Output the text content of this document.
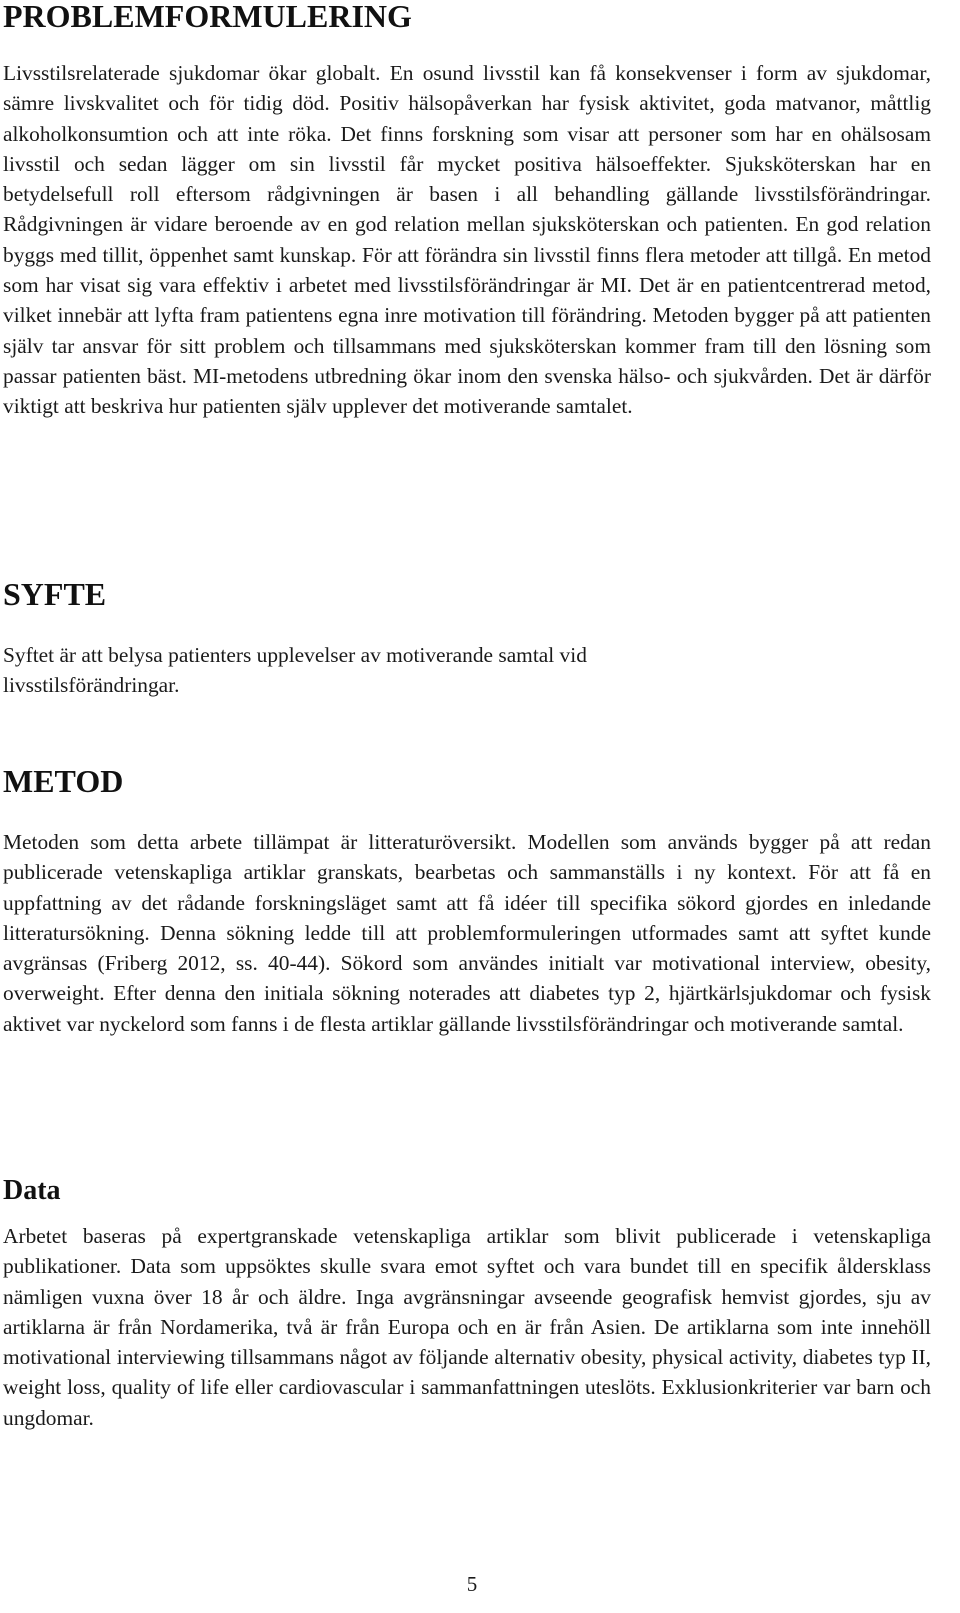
PROBLEMFORMULERING

Livsstilsrelaterade sjukdomar ökar globalt. En osund livsstil kan få konsekvenser i form av sjukdomar, sämre livskvalitet och för tidig död. Positiv hälsopåverkan har fysisk aktivitet, goda matvanor, måttlig alkoholkonsumtion och att inte röka. Det finns forskning som visar att personer som har en ohälsosam livsstil och sedan lägger om sin livsstil får mycket positiva hälsoeffekter. Sjuksköterskan har en betydelsefull roll eftersom rådgivningen är basen i all behandling gällande livsstilsförändringar. Rådgivningen är vidare beroende av en god relation mellan sjuksköterskan och patienten. En god relation byggs med tillit, öppenhet samt kunskap. För att förändra sin livsstil finns flera metoder att tillgå. En metod som har visat sig vara effektiv i arbetet med livsstilsförändringar är MI. Det är en patientcentrerad metod, vilket innebär att lyfta fram patientens egna inre motivation till förändring. Metoden bygger på att patienten själv tar ansvar för sitt problem och tillsammans med sjuksköterskan kommer fram till den lösning som passar patienten bäst. MI-metodens utbredning ökar inom den svenska hälso- och sjukvården. Det är därför viktigt att beskriva hur patienten själv upplever det motiverande samtalet.

SYFTE

Syftet är att belysa patienters upplevelser av motiverande samtal vid livsstilsförändringar.

METOD

Metoden som detta arbete tillämpat är litteraturöversikt. Modellen som används bygger på att redan publicerade vetenskapliga artiklar granskats, bearbetas och sammanställs i ny kontext. För att få en uppfattning av det rådande forskningsläget samt att få idéer till specifika sökord gjordes en inledande litteratursökning. Denna sökning ledde till att problemformuleringen utformades samt att syftet kunde avgränsas (Friberg 2012, ss. 40-44). Sökord som användes initialt var motivational interview, obesity, overweight. Efter denna den initiala sökning noterades att diabetes typ 2, hjärtkärlsjukdomar och fysisk aktivet var nyckelord som fanns i de flesta artiklar gällande livsstilsförändringar och motiverande samtal.

Data

Arbetet baseras på expertgranskade vetenskapliga artiklar som blivit publicerade i vetenskapliga publikationer. Data som uppsöktes skulle svara emot syftet och vara bundet till en specifik åldersklass nämligen vuxna över 18 år och äldre. Inga avgränsningar avseende geografisk hemvist gjordes, sju av artiklarna är från Nordamerika, två är från Europa och en är från Asien. De artiklarna som inte innehöll motivational interviewing tillsammans något av följande alternativ obesity, physical activity, diabetes typ II, weight loss, quality of life eller cardiovascular i sammanfattningen uteslöts. Exklusionkriterier var barn och ungdomar.

5
